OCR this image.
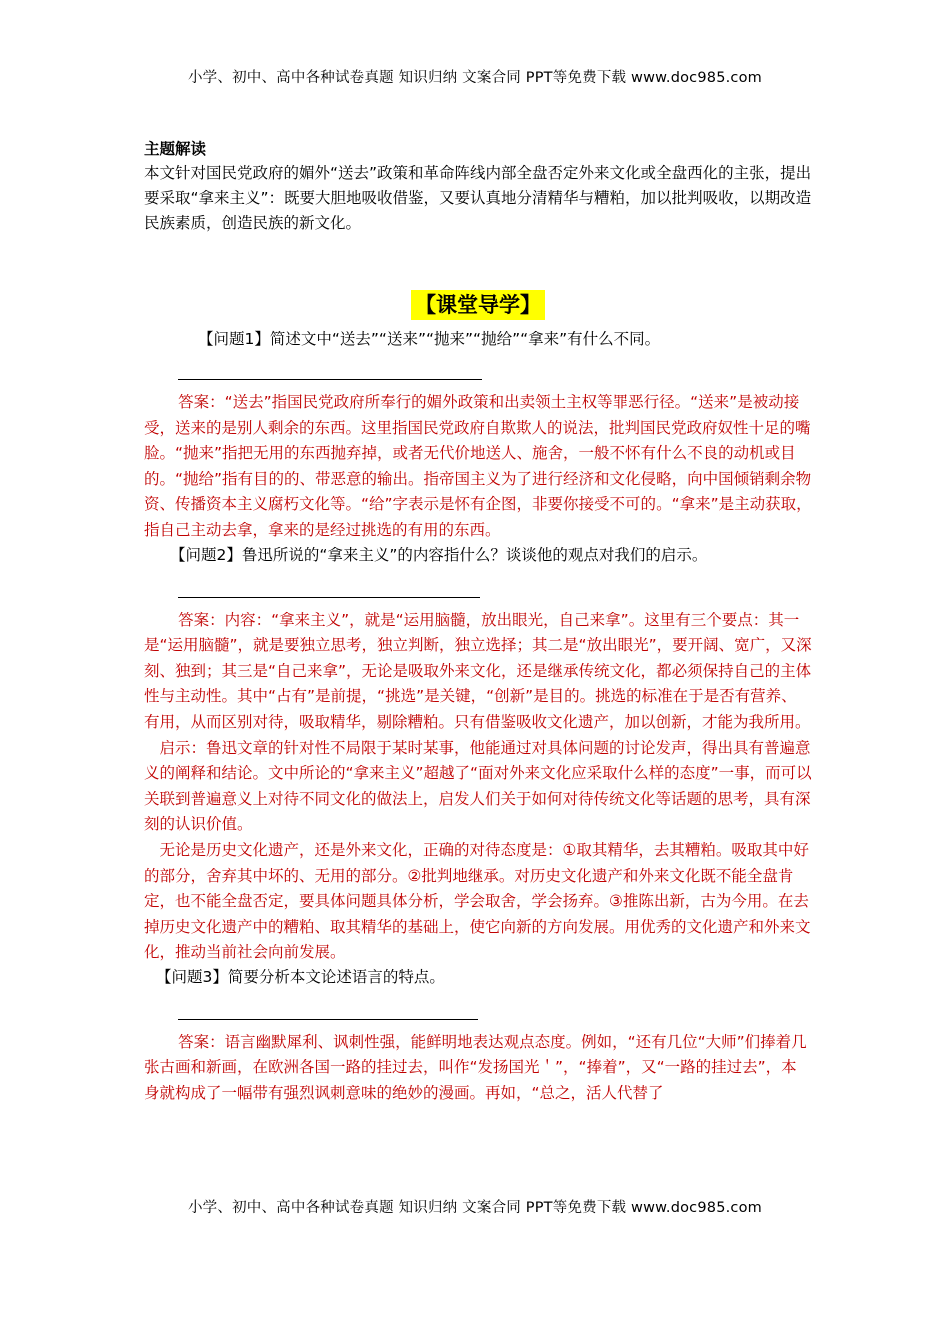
小学、初中、高中各种试卷真题 知识归纳 文案合同 PPT等免费下载 www.doc985.com
主题解读
本文针对国民党政府的媚外“送去”政策和革命阵线内部全盘否定外来文化或全盘西化的主张，提出要采取“拿来主义”：既要大胆地吸收借鉴，又要认真地分清精华与糟粕，加以批判吸收，以期改造民族素质，创造民族的新文化。
【课堂导学】
【问题1】简述文中“送去”“送来”“抛来”“抛给”“拿来”有什么不同。
答案：“送去”指国民党政府所奉行的媚外政策和出卖领土主权等罪恶行径。“送来”是被动接受，送来的是别人剩余的东西。这里指国民党政府自欺欺人的说法，批判国民党政府奴性十足的嘴脸。“抛来”指把无用的东西抛弃掉，或者无代价地送人、施舍，一般不怀有什么不良的动机或目的。“抛给”指有目的的、带恶意的输出。指帝国主义为了进行经济和文化侵略，向中国倾销剩余物资、传播资本主义腐朽文化等。“给”字表示是怀有企图，非要你接受不可的。“拿来”是主动获取，指自己主动去拿，拿来的是经过挑选的有用的东西。
【问题2】鲁迅所说的“拿来主义”的内容指什么？谈谈他的观点对我们的启示。
答案：内容：“拿来主义”，就是“运用脑髓，放出眼光，自己来拿”。这里有三个要点：其一是“运用脑髓”，就是要独立思考，独立判断，独立选择；其二是“放出眼光”，要开阔、宽广，又深刻、独到；其三是“自己来拿”，无论是吸取外来文化，还是继承传统文化，都必须保持自己的主体性与主动性。其中“占有”是前提，“挑选”是关键，“创新”是目的。挑选的标准在于是否有营养、有用，从而区别对待，吸取精华，剔除糟粕。只有借鉴吸收文化遗产，加以创新，才能为我所用。
启示：鲁迅文章的针对性不局限于某时某事，他能通过对具体问题的讨论发声，得出具有普遍意义的阐释和结论。文中所论的“拿来主义”超越了“面对外来文化应采取什么样的态度”一事，而可以关联到普遍意义上对待不同文化的做法上，启发人们关于如何对待传统文化等话题的思考，具有深刻的认识价值。
无论是历史文化遗产，还是外来文化，正确的对待态度是：①取其精华，去其糟粕。吸取其中好的部分，舍弃其中坏的、无用的部分。②批判地继承。对历史文化遗产和外来文化既不能全盘肯定，也不能全盘否定，要具体问题具体分析，学会取舍，学会扬弃。③推陈出新，古为今用。在去掉历史文化遗产中的糟粕、取其精华的基础上，使它向新的方向发展。用优秀的文化遗产和外来文化，推动当前社会向前发展。
【问题3】简要分析本文论述语言的特点。
答案：语言幽默犀利、讽刺性强，能鲜明地表达观点态度。例如，“还有几位“大师”们捧着几张古画和新画，在欧洲各国一路的挂过去，叫作“发扬国光＇”，“捧着”，又“一路的挂过去”，本身就构成了一幅带有强烈讽刺意味的绝妙的漫画。再如，“总之，活人代替了
小学、初中、高中各种试卷真题 知识归纳 文案合同 PPT等免费下载 www.doc985.com
